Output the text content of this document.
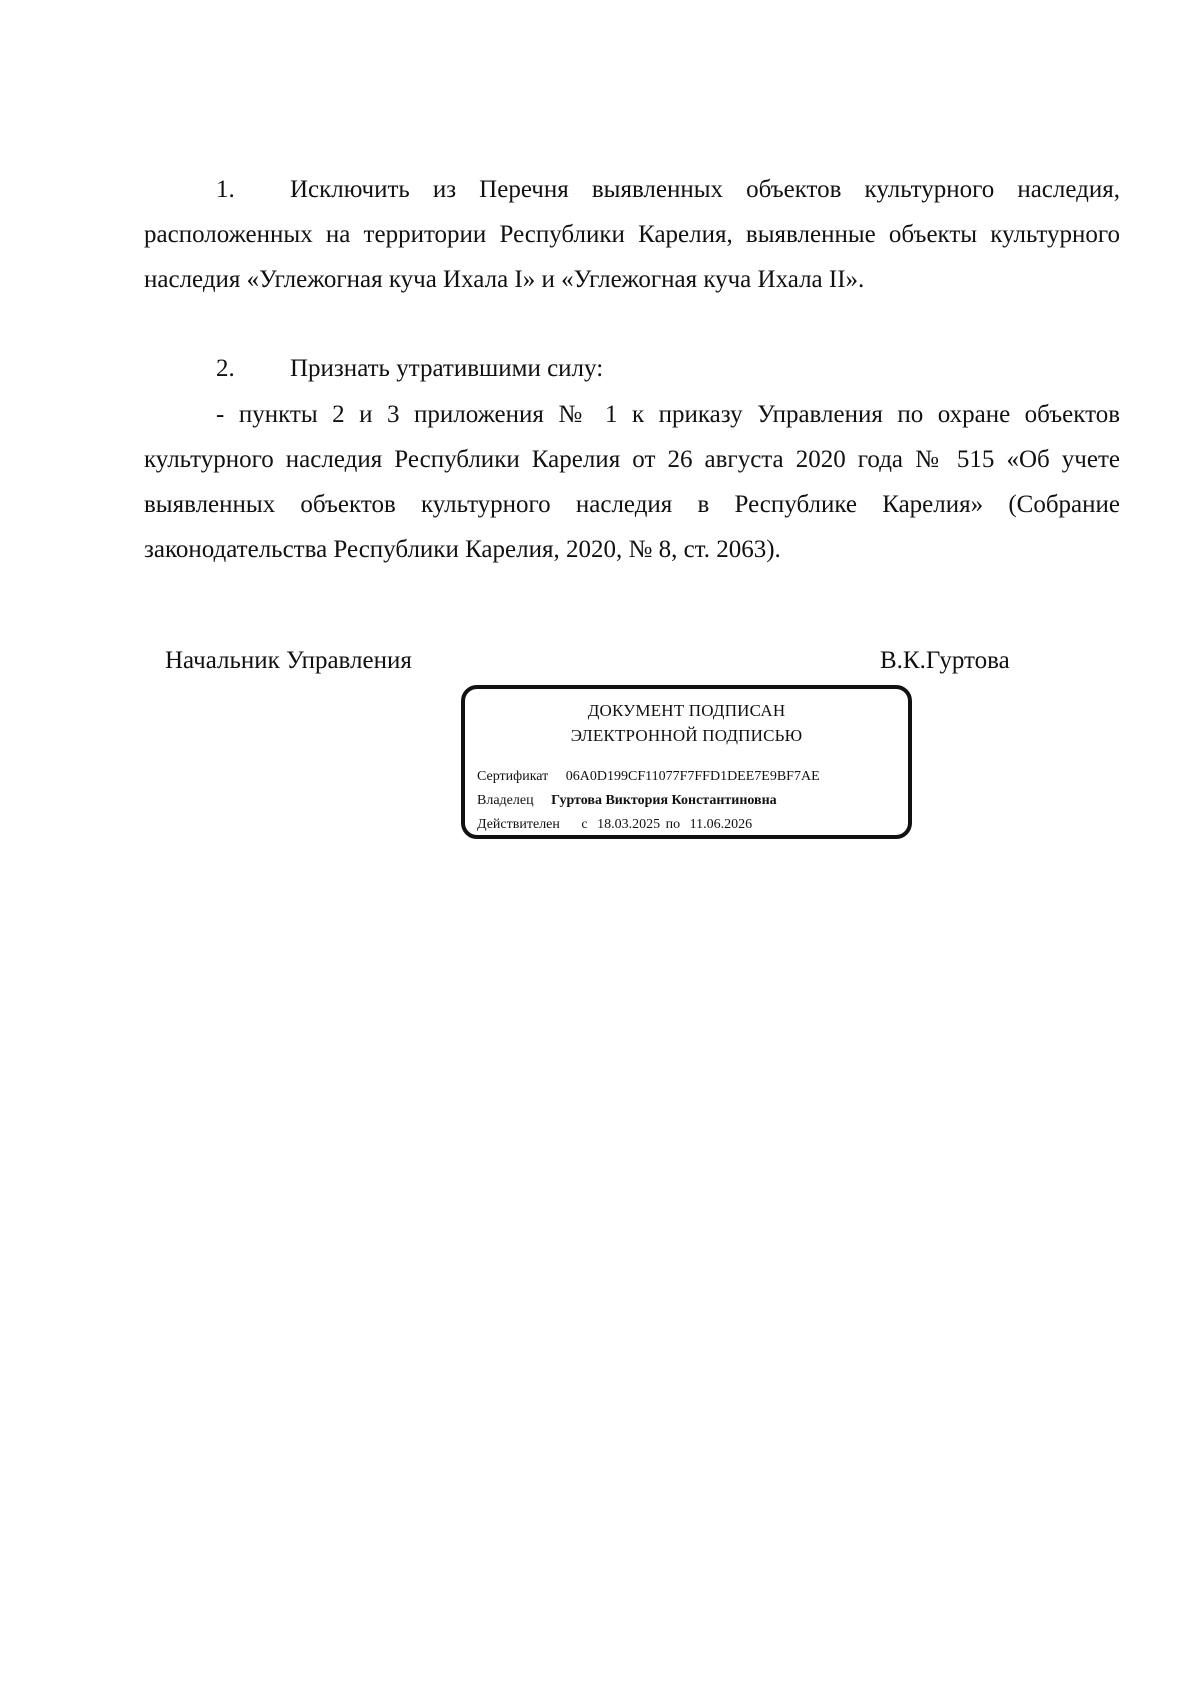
1. Исключить из Перечня выявленных объектов культурного наследия, расположенных на территории Республики Карелия, выявленные объекты культурного наследия «Углежогная куча Ихала I» и «Углежогная куча Ихала II».

2. Признать утратившими силу:

- пункты 2 и 3 приложения № 1 к приказу Управления по охране объектов культурного наследия Республики Карелия от 26 августа 2020 года № 515 «Об учете выявленных объектов культурного наследия в Республике Карелия» (Собрание законодательства Республики Карелия, 2020, № 8, ст. 2063).

Начальник Управления	В.К.Гуртова
ДОКУМЕНТ ПОДПИСАН
ЭЛЕКТРОННОЙ ПОДПИСЬЮ
Сертификат 06A0D199CF11077F7FFD1DEE7E9BF7AE
Владелец Гуртова Виктория Константиновна
Действителен с 18.03.2025 по 11.06.2026
